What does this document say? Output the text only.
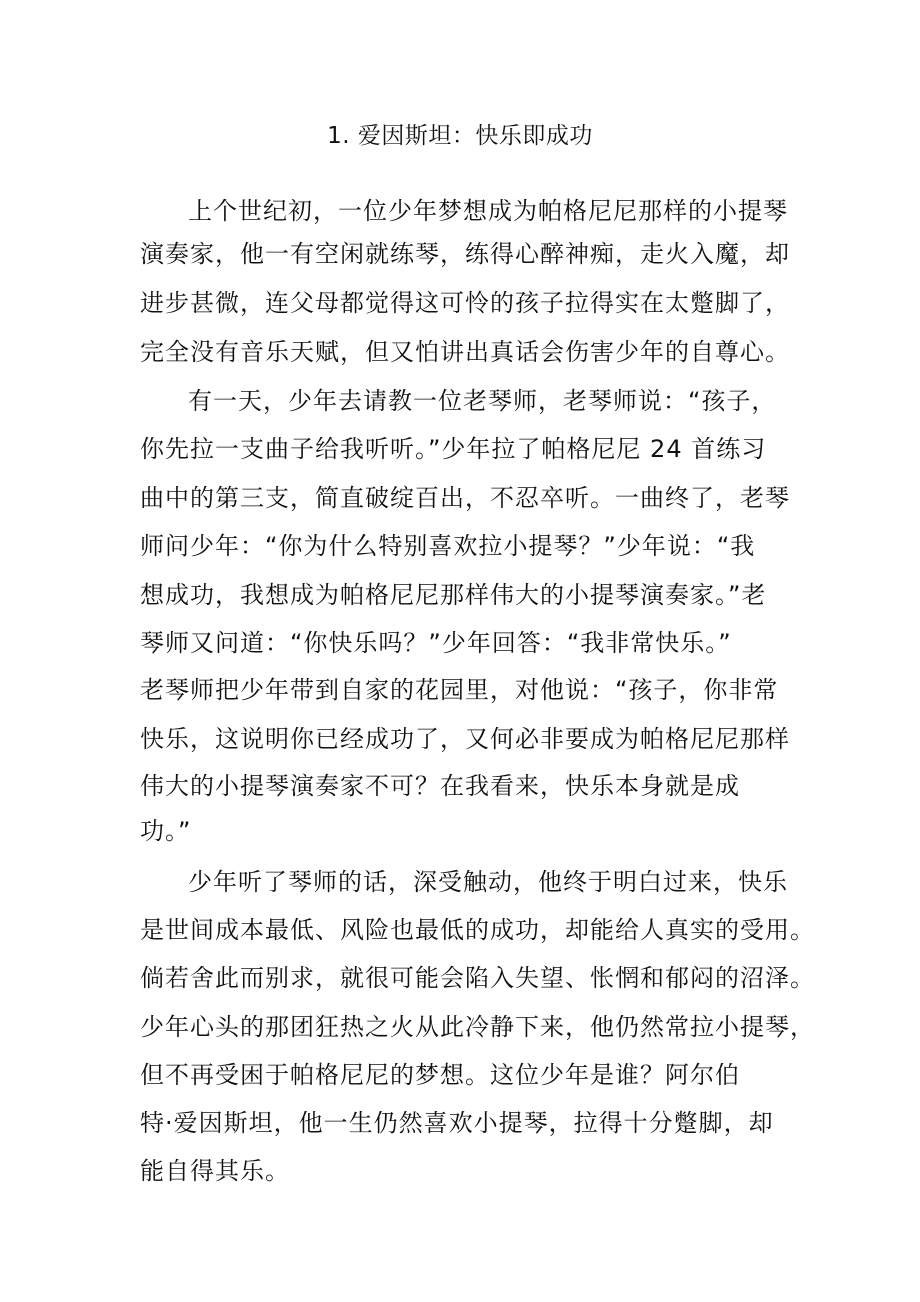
1. 爱因斯坦：快乐即成功
上个世纪初，一位少年梦想成为帕格尼尼那样的小提琴
演奏家，他一有空闲就练琴，练得心醉神痴，走火入魔，却
进步甚微，连父母都觉得这可怜的孩子拉得实在太蹩脚了，
完全没有音乐天赋，但又怕讲出真话会伤害少年的自尊心。
有一天，少年去请教一位老琴师，老琴师说：“孩子，
你先拉一支曲子给我听听。”少年拉了帕格尼尼 24 首练习
曲中的第三支，简直破绽百出，不忍卒听。一曲终了，老琴
师问少年：“你为什么特别喜欢拉小提琴？”少年说：“我
想成功，我想成为帕格尼尼那样伟大的小提琴演奏家。”老
琴师又问道：“你快乐吗？”少年回答：“我非常快乐。”
老琴师把少年带到自家的花园里，对他说：“孩子，你非常
快乐，这说明你已经成功了，又何必非要成为帕格尼尼那样
伟大的小提琴演奏家不可？在我看来，快乐本身就是成
功。”
少年听了琴师的话，深受触动，他终于明白过来，快乐
是世间成本最低、风险也最低的成功，却能给人真实的受用。
倘若舍此而别求，就很可能会陷入失望、怅惘和郁闷的沼泽。
少年心头的那团狂热之火从此冷静下来，他仍然常拉小提琴，
但不再受困于帕格尼尼的梦想。这位少年是谁？阿尔伯
特·爱因斯坦，他一生仍然喜欢小提琴，拉得十分蹩脚，却
能自得其乐。
